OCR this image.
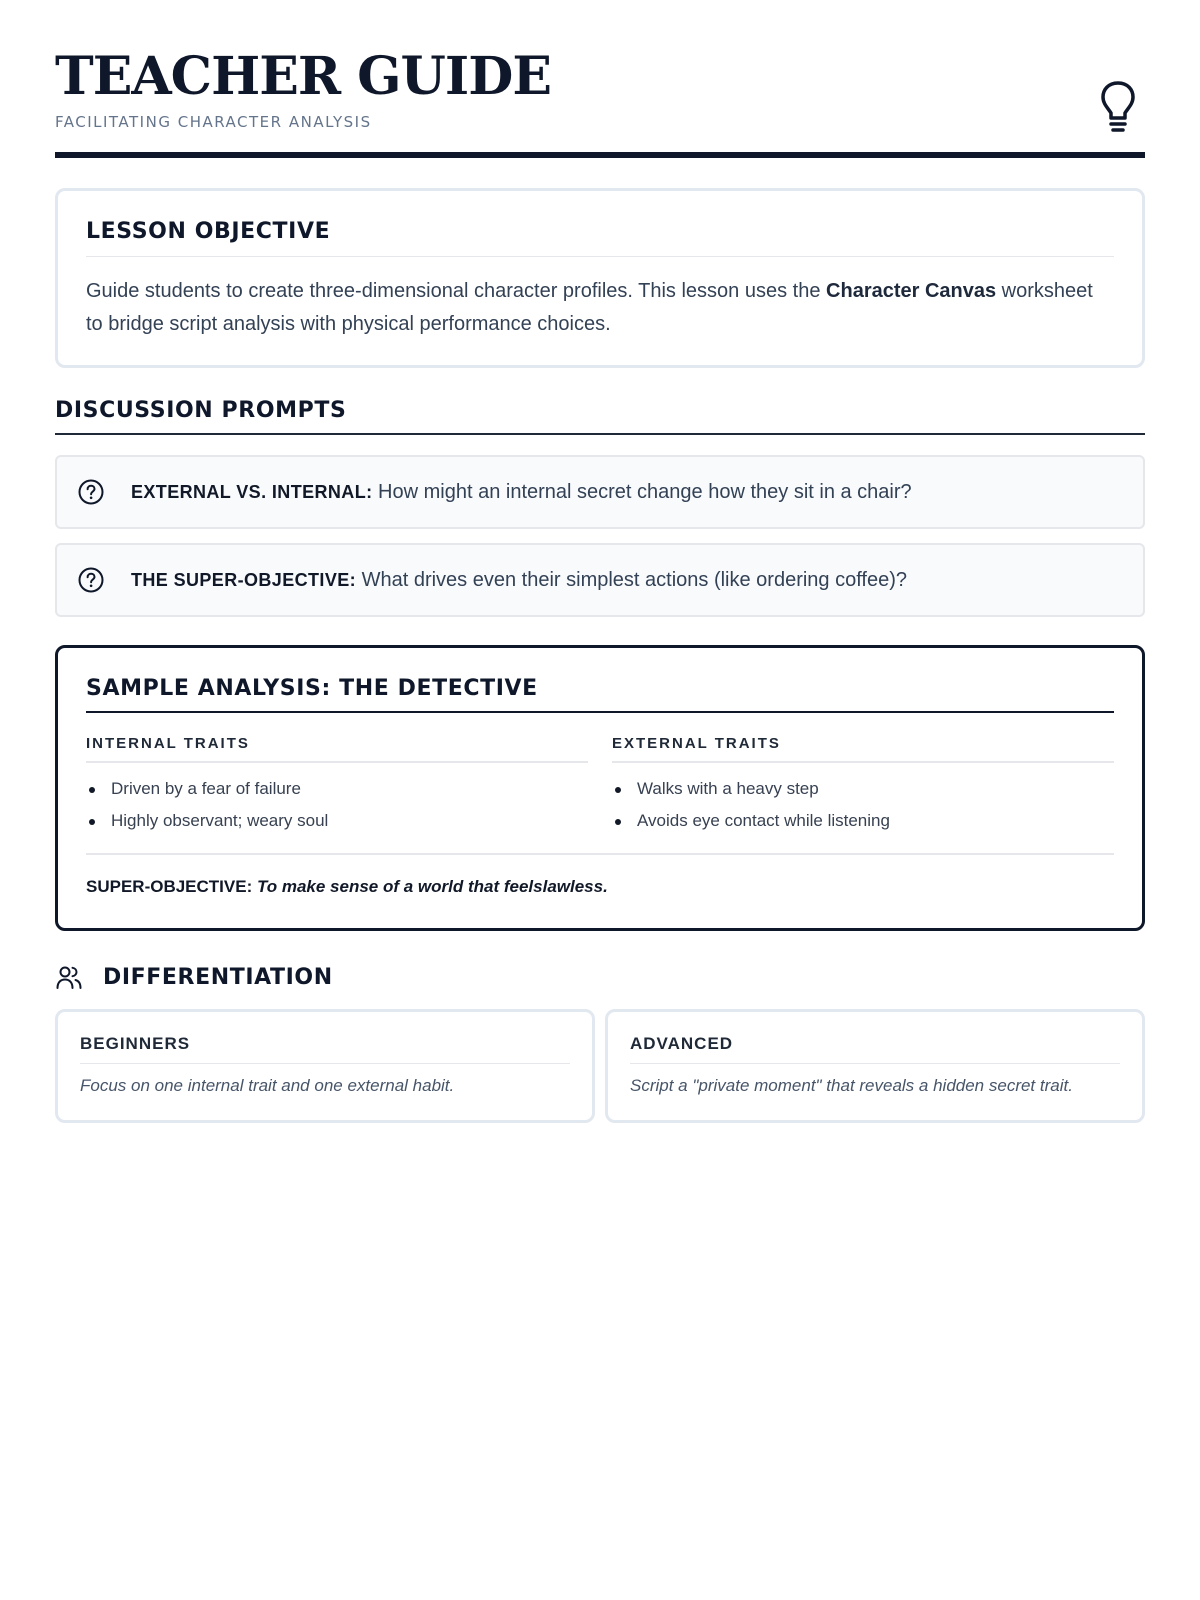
TEACHER GUIDE
FACILITATING CHARACTER ANALYSIS
LESSON OBJECTIVE

Guide students to create three-dimensional character profiles. This lesson uses the Character Canvas worksheet to bridge script analysis with physical performance choices.

DISCUSSION PROMPTS
EXTERNAL VS. INTERNAL: How might an internal secret change how they sit in a chair?
THE SUPER-OBJECTIVE: What drives even their simplest actions (like ordering coffee)?
SAMPLE ANALYSIS: THE DETECTIVE
INTERNAL TRAITS
Driven by a fear of failure
Highly observant; weary soul
EXTERNAL TRAITS
Walks with a heavy step
Avoids eye contact while listening
SUPER-OBJECTIVE: To make sense of a world that feelslawless.
DIFFERENTIATION
BEGINNERS
Focus on one internal trait and one external habit.
ADVANCED
Script a "private moment" that reveals a hidden secret trait.
